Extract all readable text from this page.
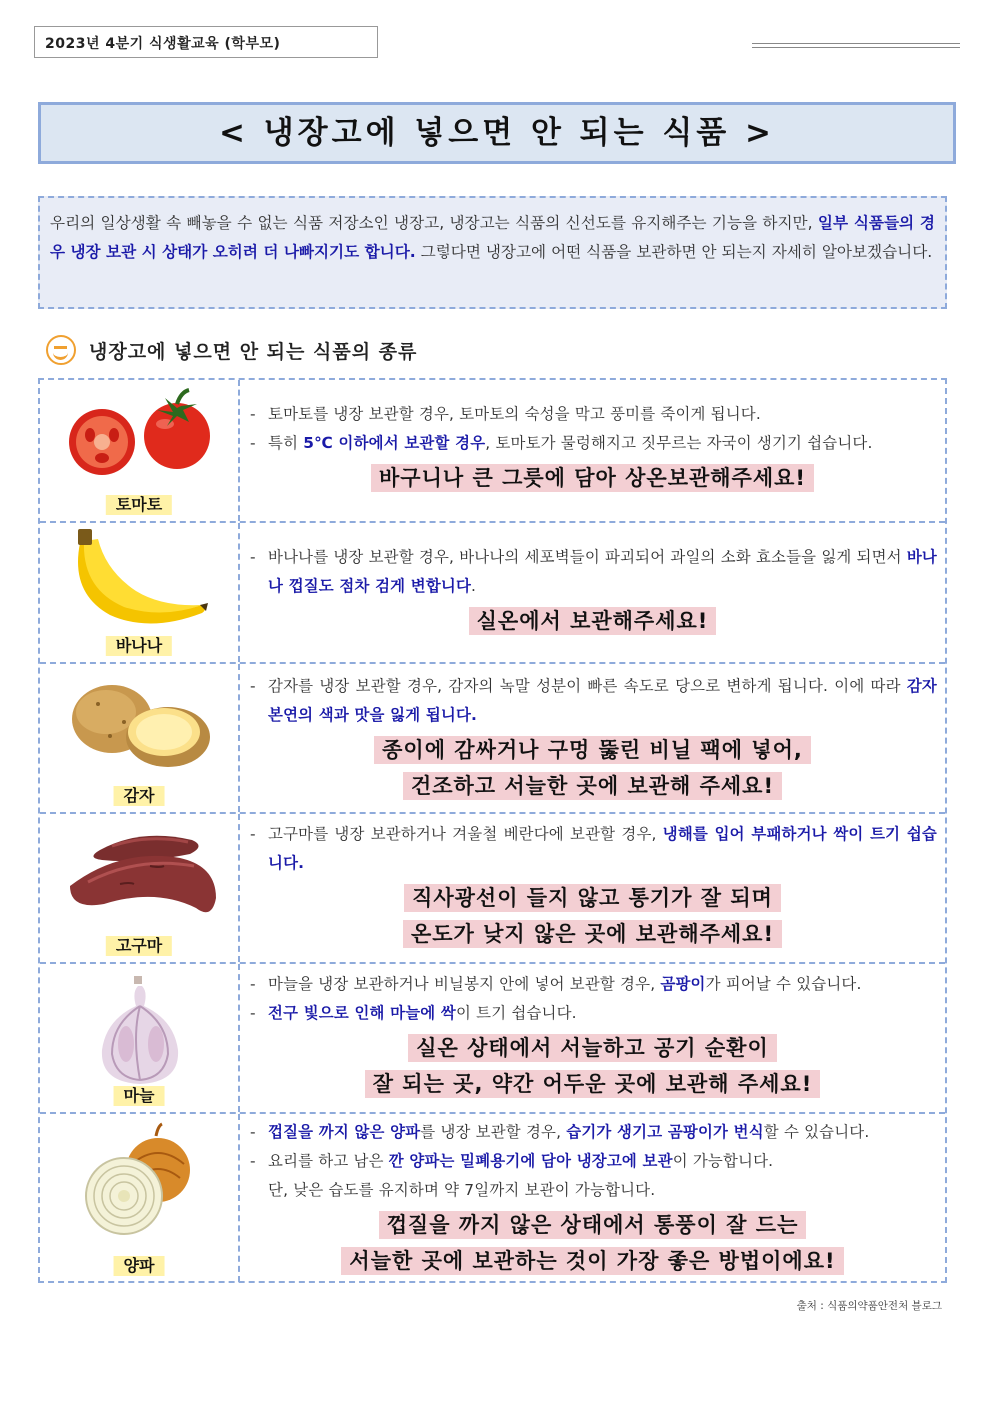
2023년 4분기 식생활교육 (학부모)
< 냉장고에 넣으면 안 되는 식품 >
우리의 일상생활 속 빼놓을 수 없는 식품 저장소인 냉장고, 냉장고는 식품의 신선도를 유지해주는 기능을 하지만, 일부 식품들의 경우 냉장 보관 시 상태가 오히려 더 나빠지기도 합니다. 그렇다면 냉장고에 어떤 식품을 보관하면 안 되는지 자세히 알아보겠습니다.
냉장고에 넣으면 안 되는 식품의 종류
토마토
- 토마토를 냉장 보관할 경우, 토마토의 숙성을 막고 풍미를 죽이게 됩니다.
- 특히 5℃ 이하에서 보관할 경우, 토마토가 물렁해지고 짓무르는 자국이 생기기 쉽습니다.
바구니나 큰 그릇에 담아 상온보관해주세요!
바나나
- 바나나를 냉장 보관할 경우, 바나나의 세포벽들이 파괴되어 과일의 소화 효소들을 잃게 되면서 바나나 껍질도 점차 검게 변합니다.
실온에서 보관해주세요!
감자
- 감자를 냉장 보관할 경우, 감자의 녹말 성분이 빠른 속도로 당으로 변하게 됩니다. 이에 따라 감자 본연의 색과 맛을 잃게 됩니다.
종이에 감싸거나 구멍 뚫린 비닐 팩에 넣어,
건조하고 서늘한 곳에 보관해 주세요!
고구마
- 고구마를 냉장 보관하거나 겨울철 베란다에 보관할 경우, 냉해를 입어 부패하거나 싹이 트기 쉽습니다.
직사광선이 들지 않고 통기가 잘 되며
온도가 낮지 않은 곳에 보관해주세요!
마늘
- 마늘을 냉장 보관하거나 비닐봉지 안에 넣어 보관할 경우, 곰팡이가 피어날 수 있습니다.
- 전구 빛으로 인해 마늘에 싹이 트기 쉽습니다.
실온 상태에서 서늘하고 공기 순환이
잘 되는 곳, 약간 어두운 곳에 보관해 주세요!
양파
- 껍질을 까지 않은 양파를 냉장 보관할 경우, 습기가 생기고 곰팡이가 번식할 수 있습니다.
- 요리를 하고 남은 깐 양파는 밀폐용기에 담아 냉장고에 보관이 가능합니다.
단, 낮은 습도를 유지하며 약 7일까지 보관이 가능합니다.
껍질을 까지 않은 상태에서 통풍이 잘 드는
서늘한 곳에 보관하는 것이 가장 좋은 방법이에요!
출처 : 식품의약품안전처 블로그
